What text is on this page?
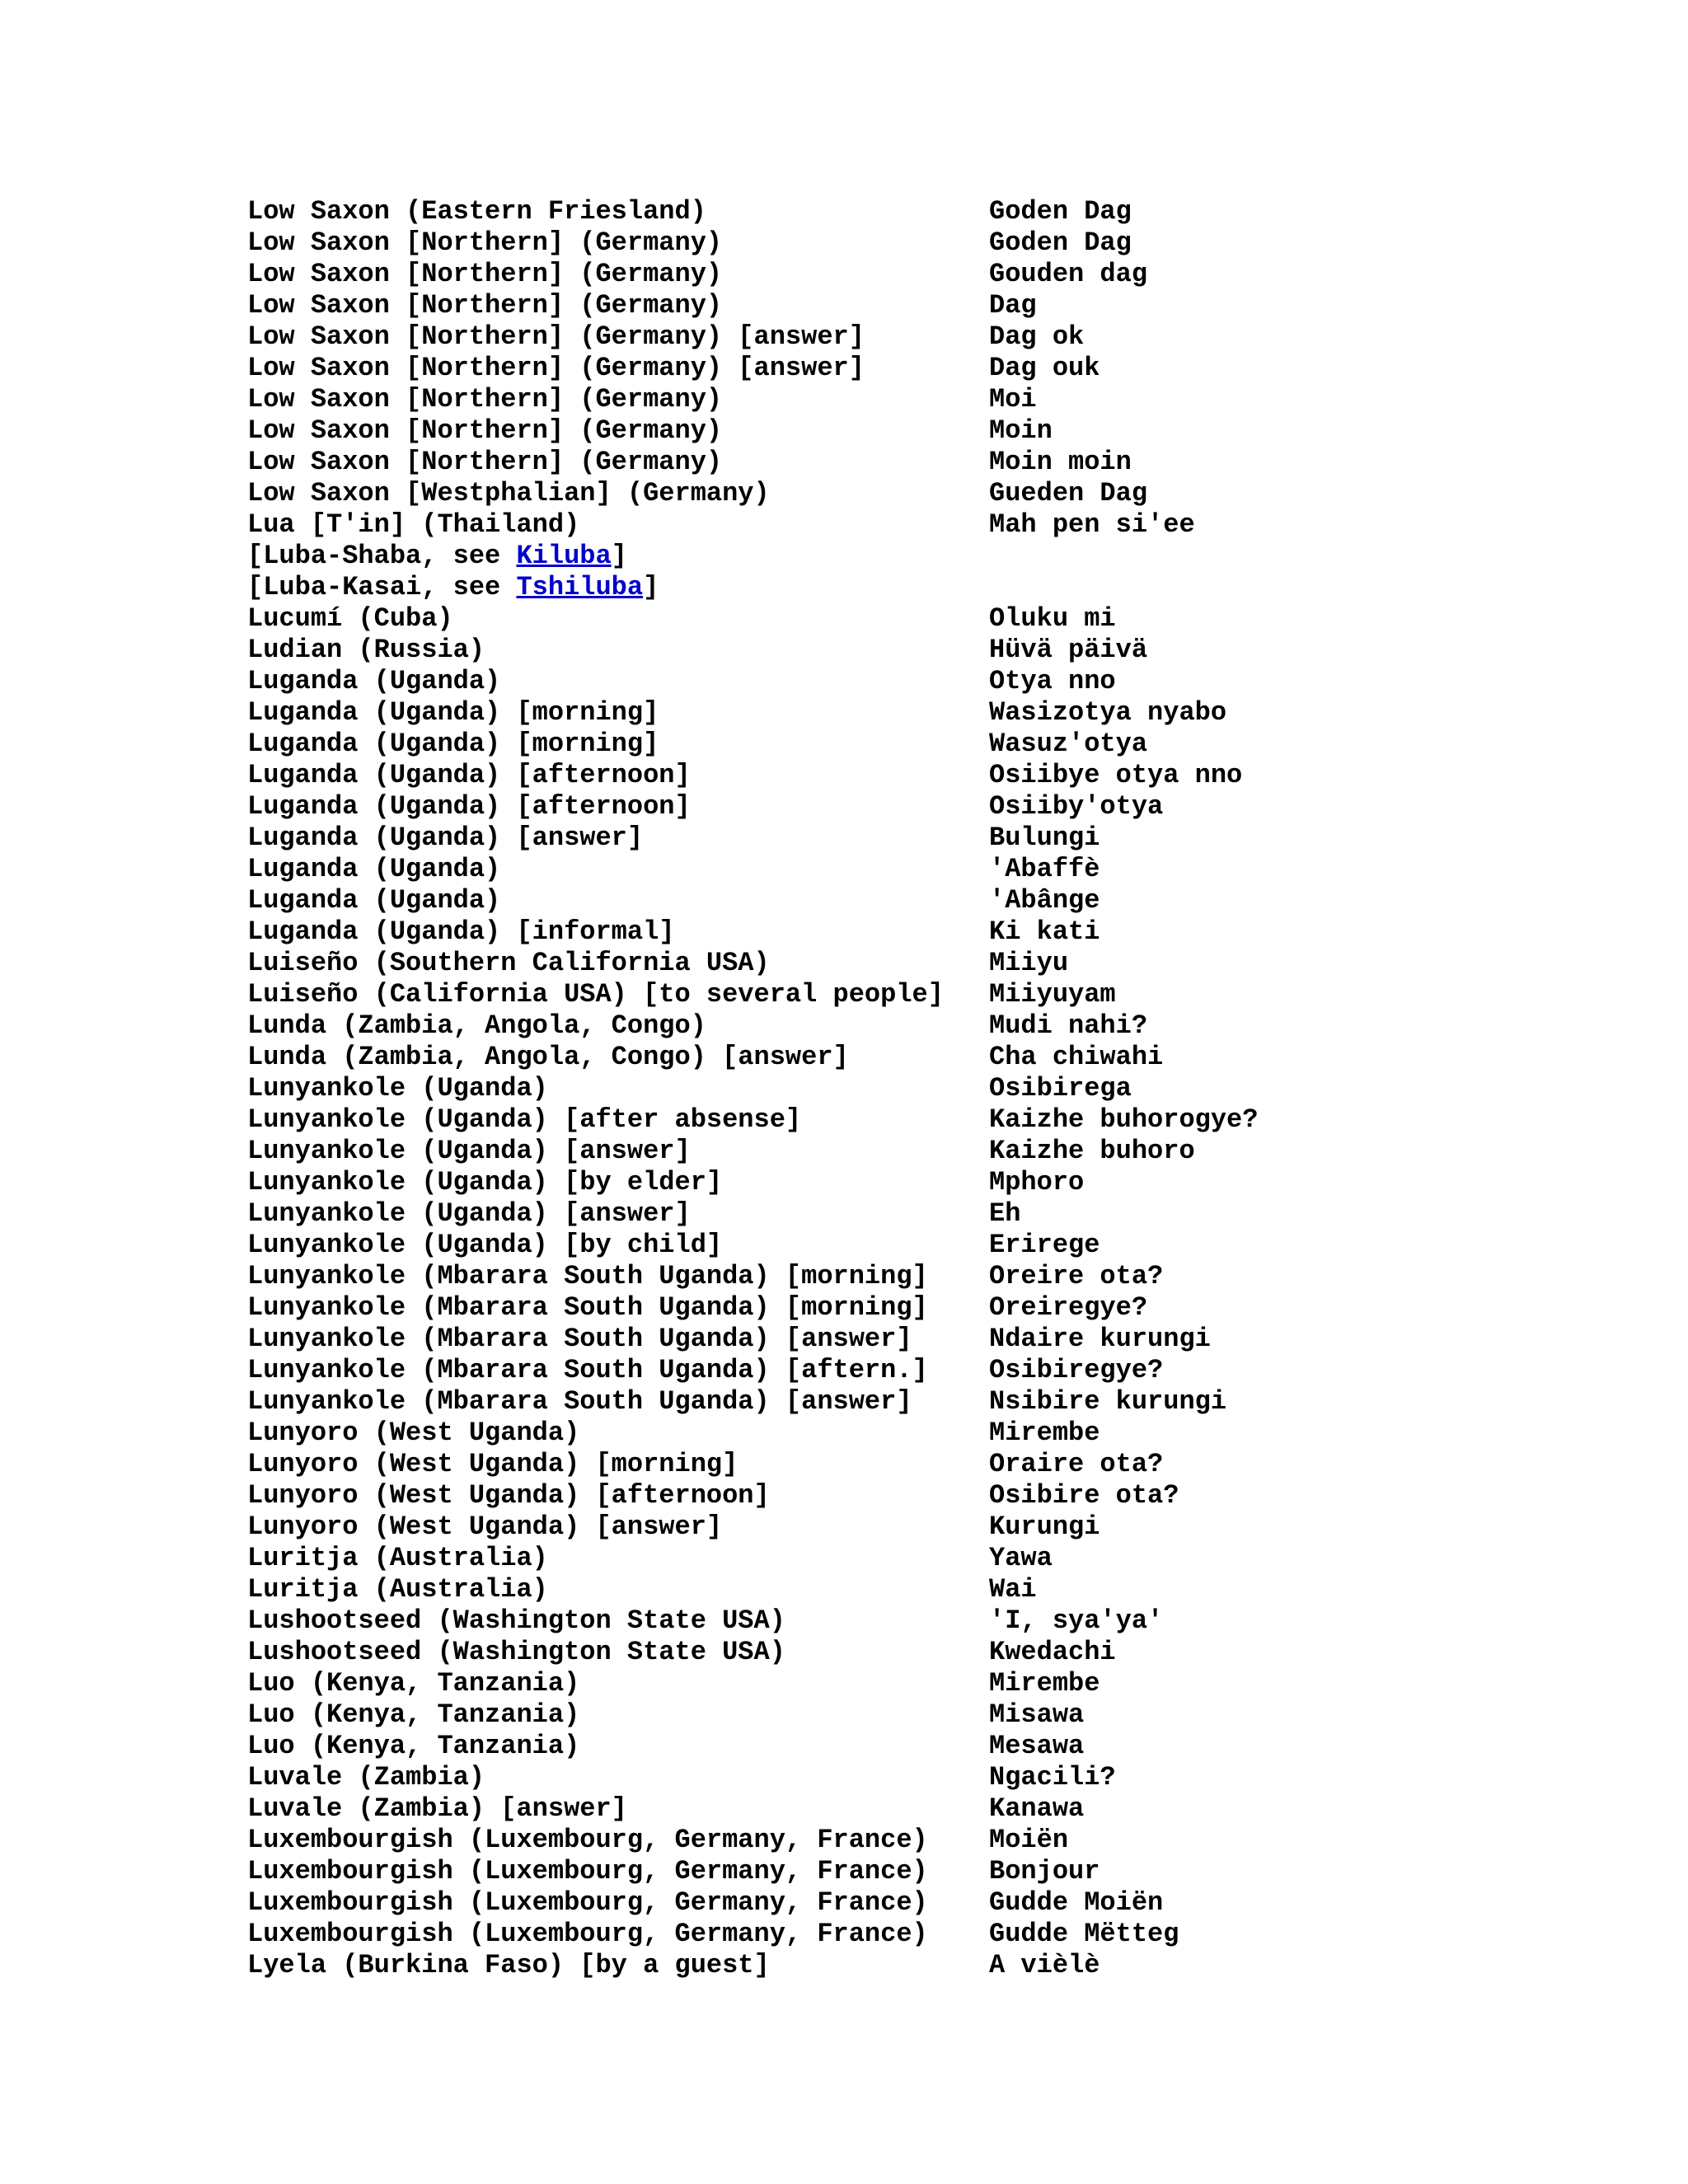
Low Saxon (Eastern Friesland)	Goden Dag
Low Saxon [Northern] (Germany)	Goden Dag
Low Saxon [Northern] (Germany)	Gouden dag
Low Saxon [Northern] (Germany)	Dag
Low Saxon [Northern] (Germany) [answer]	Dag ok
Low Saxon [Northern] (Germany) [answer]	Dag ouk
Low Saxon [Northern] (Germany)	Moi
Low Saxon [Northern] (Germany)	Moin
Low Saxon [Northern] (Germany)	Moin moin
Low Saxon [Westphalian] (Germany)	Gueden Dag
Lua [T'in] (Thailand)	Mah pen si'ee
[Luba-Shaba, see Kiluba]
[Luba-Kasai, see Tshiluba]
Lucumí (Cuba)	Oluku mi
Ludian (Russia)	Hüvä päivä
Luganda (Uganda)	Otya nno
Luganda (Uganda) [morning]	Wasizotya nyabo
Luganda (Uganda) [morning]	Wasuz'otya
Luganda (Uganda) [afternoon]	Osiibye otya nno
Luganda (Uganda) [afternoon]	Osiiby'otya
Luganda (Uganda) [answer]	Bulungi
Luganda (Uganda)	'Abaffè
Luganda (Uganda)	'Abânge
Luganda (Uganda) [informal]	Ki kati
Luiseño (Southern California USA)	Miiyu
Luiseño (California USA) [to several people] Miiyuyam
Lunda (Zambia, Angola, Congo)	Mudi nahi?
Lunda (Zambia, Angola, Congo) [answer]	Cha chiwahi
Lunyankole (Uganda)	Osibirega
Lunyankole (Uganda) [after absense]	Kaizhe buhorogye?
Lunyankole (Uganda) [answer]	Kaizhe buhoro
Lunyankole (Uganda) [by elder]	Mphoro
Lunyankole (Uganda) [answer]	Eh
Lunyankole (Uganda) [by child]	Erirege
Lunyankole (Mbarara South Uganda) [morning] Oreire ota?
Lunyankole (Mbarara South Uganda) [morning] Oreiregye?
Lunyankole (Mbarara South Uganda) [answer]	Ndaire kurungi
Lunyankole (Mbarara South Uganda) [aftern.] Osibiregye?
Lunyankole (Mbarara South Uganda) [answer]	Nsibire kurungi
Lunyoro (West Uganda)	Mirembe
Lunyoro (West Uganda) [morning]	Oraire ota?
Lunyoro (West Uganda) [afternoon]	Osibire ota?
Lunyoro (West Uganda) [answer]	Kurungi
Luritja (Australia)	Yawa
Luritja (Australia)	Wai
Lushootseed (Washington State USA)	'I, sya'ya'
Lushootseed (Washington State USA)	Kwedachi
Luo (Kenya, Tanzania)	Mirembe
Luo (Kenya, Tanzania)	Misawa
Luo (Kenya, Tanzania)	Mesawa
Luvale (Zambia)	Ngacili?
Luvale (Zambia) [answer]	Kanawa
Luxembourgish (Luxembourg, Germany, France) Moiën
Luxembourgish (Luxembourg, Germany, France) Bonjour
Luxembourgish (Luxembourg, Germany, France) Gudde Moiën
Luxembourgish (Luxembourg, Germany, France) Gudde Mëtteg
Lyela (Burkina Faso) [by a guest]	A vièlè
